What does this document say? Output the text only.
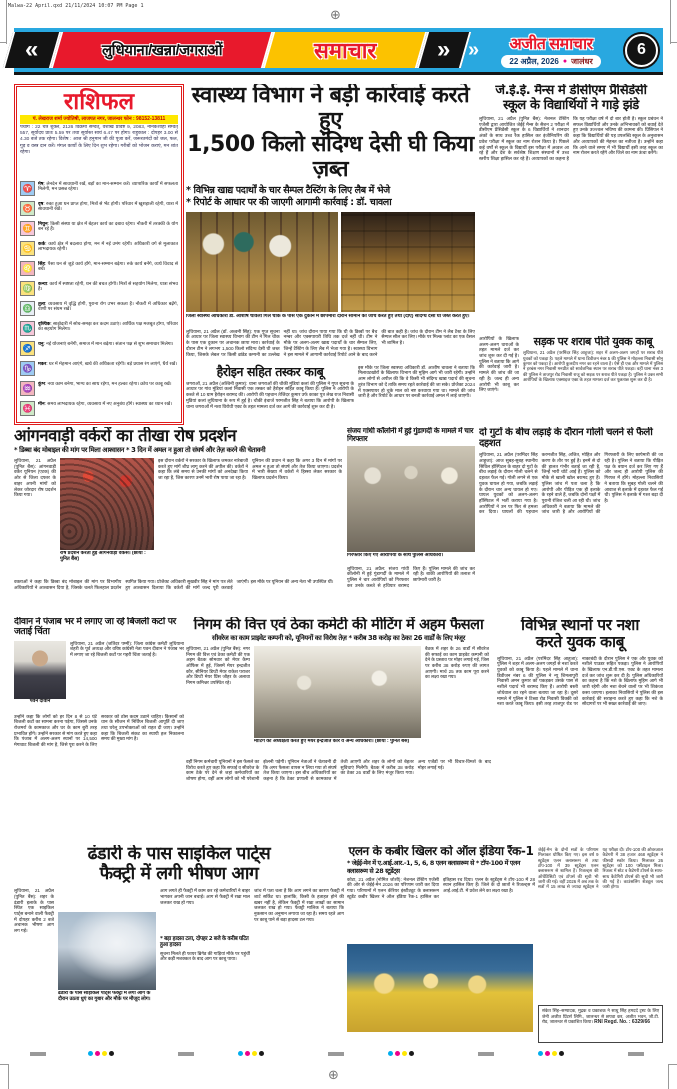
Malwa-22 April.qxd 21/11/2024 10:07 PM Page 1
⊕
«	लुधियाना/खन्ना/जगराओं	समाचार	» » अजीत समाचार
22 अप्रैल, 2026 ● जालंधर
6
राशिफल
पं. लेखराज शर्मा ज्योतिषी, लाजपत नगर, जालन्धर फोन : 98152-13811
पंचांग : 22 चैत्र शुक्ल, 2126 विक्रमी सम्वत्, वैशाख प्रविष्टे 9, 2083, नानकशाही सम्वत् 557, सूर्योदय प्रातः 5.59 पर तथा सूर्यास्त सायं 6.47 पर होगा। राहुकाल : दोपहर 3.00 से 4.30 बजे तक रहेगा। विशेष : आज श्री हनुमान जी की पूजा करें, जरूरतमंदों को जल, फल, गुड़ व वस्त्र दान करें। मंगल कार्यों के लिए दिन शुभ रहेगा। गरीबों को भोजन कराएं, मन शांत रहेगा।
♈
मेष: लेनदेन में सावधानी रखें, बड़ों का मान-सम्मान करें। व्यापारिक कार्यों में सफलता मिलेगी, मन प्रसन्न रहेगा।
♉
वृष: रुका हुआ धन प्राप्त होगा, मित्रों से भेंट होगी। परिवार में खुशहाली रहेगी, यात्रा में सावधानी रखें।
♊
मिथुन: किसी संस्था या क्षेत्र में बेहतर कार्य का दबाव रहेगा। नौकरी में तरक्की के योग बन रहे हैं।
♋
कर्क: कार्य क्षेत्र में बदलाव होगा, मन में नई उमंग रहेगी। अधिकारी वर्ग से मुलाकात लाभदायक रहेगी।
♌
सिंह: पैसा धन से जुड़े कार्य होंगे, मान-सम्मान बढ़ेगा। रुके कार्य बनेंगे, व्यर्थ विवाद से बचें।
♍
कन्या: कार्य में स्पष्टता रहेगी, धन की बचत होगी। मित्रों से सहयोग मिलेगा, यात्रा संभव है।
♎
तुला: व्यवसाय में वृद्धि होगी, पुराना रोग उभर सकता है। नौकरी में अधिकार बढ़ेंगे, वाणी पर संयम रखें।
♏
वृश्चिक: साझेदारी में सोच-समझ कर कदम उठाएं। आर्थिक पक्ष मजबूत होगा, परिवार का सहयोग मिलेगा।
♐
धनु: नई योजनाएं बनेंगी, समाज में मान बढ़ेगा। संतान पक्ष से शुभ समाचार मिलेगा।
♑
मकर: घर में मेहमान आएंगे, खर्च की अधिकता रहेगी। बड़े प्रयास रंग लाएंगे, धैर्य रखें।
♒
कुंभ: नया काम बनेगा, भाग्य का साथ रहेगा, मन हल्का रहेगा। क्रोध पर काबू रखें।
♓
मीन: समय लाभदायक रहेगा, व्यवसाय में नए अनुबंध होंगे। स्वास्थ्य का ध्यान रखें।
स्वास्थ्य विभाग ने बड़ी कार्रवाई करते हुए
1,500 किलो संदिग्ध देसी घी किया ज़ब्त
* विभिन्न खाद्य पदार्थों के चार सैम्पल टैस्टिंग के लिए लैब में भेजे
* रिपोर्ट के आधार पर की जाएगी आगामी कार्रवाई : डॉ. चावला
जिला स्वास्थ्य अधिकारी डॉ. आशीष चावला गिल चौक के पास एक दुकान में छापेमारी दौरान सामान की जांच करते हुए तथा (दाएं) संदिग्ध देसी घी जब्त करते हुए।
लुधियाना, 21 अप्रैल (डॉ. अश्वनी सिंह): एक गुप्त सूचना के आधार पर जिला स्वास्थ्य विभाग की टीम ने गिल चौक के पास एक दुकान पर अचानक छापा मारा। कार्रवाई के दौरान टीम ने लगभग 1,500 किलो संदिग्ध देसी घी जब्त किया, जिसके लेबल पर किसी ब्रांडेड कम्पनी का उल्लेख नहीं था। जांच दौरान पाया गया कि घी के डिब्बों पर बैच नम्बर और एक्सपायरी तिथि तक दर्ज नहीं थी। टीम ने मौके पर अलग-अलग खाद्य पदार्थों के चार सैम्पल लिए, जिन्हें टैस्टिंग के लिए लैब में भेजा गया है। स्वास्थ्य विभाग ने इस मामले में आगामी कार्रवाई रिपोर्ट आने के बाद करने की बात कही है। जांच के दौरान टीम ने लैब टैस्ट के लिए सैम्पल सील कर लिए। मौके पर मिल्क प्लांट का एक वैसल भी शामिल है।
हैरोइन सहित तस्कर काबू
जगराओं, 21 अप्रैल (अश्विनी कुमार): थाना जगराओं की चौकी मुंडियां कलां की पुलिस ने गुप्त सूचना के आधार पर गांव मुंडियां कलां निवासी एक तस्कर को हैरोइन सहित काबू किया है। पुलिस ने आरोपी के कब्जे से 10 ग्राम हैरोइन बरामद की। आरोपी की पहचान तेजिंदर कुमार उर्फ काका पुत्र लेख राज निवासी मुंडियां कलां लुधियाना के रूप में हुई है। चौकी इंचार्ज परमजीत सिंह ने बताया कि आरोपी के खिलाफ थाना जगराओं में नशा विरोधी एक्ट के तहत मामला दर्ज कर आगे की कार्रवाई शुरू कर दी है।
इस मौके पर जिला स्वास्थ्य अधिकारी डॉ. आशीष चावला ने बताया कि मिलावटखोरों के खिलाफ विभाग की मुहिम आगे भी जारी रहेगी। उन्होंने आम लोगों से अपील की कि वे किसी भी संदिग्ध खाद्य पदार्थ की सूचना तुरंत विभाग को दें ताकि समय रहते कार्रवाई की जा सके। प्रोजैक्ट 2024 में एक्सपायर हो चुके माल को नष्ट करवाया गया था। मामले की जांच जारी है और रिपोर्ट के आधार पर बनती कार्रवाई अमल में लाई जाएगी।
जे.ई.ई. मैन्स में डीसीएम प्रैसिडेंसी
स्कूल के विद्यार्थियों ने गाड़े झंडे
लुधियाना, 21 अप्रैल (पुनित बैंस): नेशनल टेस्टिंग एजेंसी द्वारा आयोजित जेईई मैन्स के सैशन 2 परीक्षा में डीसीएम प्रैसिडेंसी स्कूल के 6 विद्यार्थियों ने शानदार अंकों के साथ उच्च रैंक हासिल कर इंजीनियरिंग की प्रवेश परीक्षा में स्कूल का नाम रोशन किया है। पिछले कई वर्षों से स्कूल के विद्यार्थी इस परीक्षा में अव्वल आ रहे हैं और देश के सर्वश्रेष्ठ शिक्षण संस्थानों में उच्च स्तरीय शिक्षा हासिल कर रहे हैं। अध्यापकों का कहना है कि यह परीक्षा वर्ष में दो बार होती है। स्कूल प्रबंधन ने सफल विद्यार्थियों और उनके अभिभावकों को बधाई देते हुए उनके उज्ज्वल भविष्य की कामना की। प्रिंसिपल ने कहा कि विद्यार्थियों की यह उपलब्धि स्कूल के अनुशासन और अध्यापकों की मेहनत का नतीजा है। उन्होंने कहा कि आने वाले समय में भी विद्यार्थी इसी तरह स्कूल का नाम रोशन करते रहेंगे और जिले का नाम ऊंचा करेंगे।
आरोपियों के खिलाफ अलग-अलग धाराओं के तहत मामले दर्ज कर जांच शुरू कर दी गई है। पुलिस ने बताया कि आगे की कार्रवाई जारी है। मामले की जांच की जा रही है। जल्द ही अन्य आरोपी भी काबू कर लिए जाएंगे।
सड़क पर शराब पीते युवक काबू
लुधियाना, 21 अप्रैल (परमिंदर सिंह आहूजा): शहर में अलग-अलग जगहों पर शराब पीते युवकों को पकड़ा है। पहले मामले में थाना डिवीजन नंबर 5 की पुलिस ने मोहल्ला निवासी सोनू कुमार को पकड़ा है। आरोपी कुलदीप नगर का रहने वाला है। ऐसे ही एक और मामले में पुलिस ने हरबंस नगर निवासी मनप्रीत को सार्वजनिक स्थान पर शराब पीते पकड़ा। वहीं थाना नंबर 3 की पुलिस ने ताजपुर रोड निवासी राजू को सड़क पर शराब पीते पकड़ा है। पुलिस ने उक्त सभी आरोपियों के खिलाफ एक्साइज एक्ट के तहत मामला दर्ज कर पूछताछ शुरू कर दी है।
आंगनवाड़ी वर्करों का तीखा रोष प्रदर्शन
* डिब्बा बंद मोबाइल की मांग पर मिला आश्वासन * 3 दिन में अमल न हुआ तो संघर्ष और तेज़ करने की चेतावनी
लुधियाना, 21 अप्रैल (पुनित बैंस): आंगनवाड़ी वर्कर यूनियन (एटक) की ओर से जिला दफ्तर के बाहर अपनी मांगों को लेकर जोरदार रोष प्रदर्शन किया गया।
रोष प्रदर्शन करती हुईं आंगनवाड़ी वर्कर्स। (छाया : पुनित बैंस)
इस दौरान वर्करों ने सरकार के खिलाफ जमकर नारेबाजी करते हुए मांगें शीघ्र लागू करने की अपील की। वर्करों ने कहा कि लंबे समय से उनकी मांगों को अनदेखा किया जा रहा है, जिस कारण उनमें भारी रोष पाया जा रहा है।
यूनियन की प्रधान ने कहा कि अगर 3 दिन में मांगों पर अमल न हुआ तो संघर्ष और तेज किया जाएगा। प्रदर्शन में भारी संख्या में वर्करों ने हिस्सा लेकर सरकार के खिलाफ प्रदर्शन किया।
वक्ताओं ने कहा कि डिब्बा बंद मोबाइल की मांग पर विभागीय अधिकारियों ने आश्वासन दिया है, जिसके चलते फिलहाल प्रदर्शन स्थगित किया गया। प्रोजैक्ट अधिकारी सुखवीर सिंह ने मांग पत्र लेते हुए आश्वासन दिलाया कि वर्करों की मांगें जल्द पूरी करवाई जाएंगी। इस मौके पर यूनियन की अन्य नेता भी उपस्थित थीं।
संजय गांधी कॉलोनी में हुई गुंडागर्दी के मामले में चार गिरफ्तार
गिरफ्तार किए गए आरोपियों के साथ पुलिस अधिकारी।
लुधियाना, 21 अप्रैल: संजय गांधी कॉलोनी में हुई गुंडागर्दी के मामले में पुलिस ने चार आरोपियों को गिरफ्तार कर उनके कब्जे से हथियार बरामद किए हैं। पुलिस मामले की जांच कर रही है। बाकी आरोपियों की तलाश में छापेमारी जारी है।
दो गुटों के बीच लड़ाई के दौरान गोली चलने से फैली दहशत
लुधियाना, 21 अप्रैल (परमिंदर सिंह आहूजा): आज सुबह-सुबह स्थानीय सिविल हॉस्पिटल के बाहर दो गुटों के बीच लड़ाई के दौरान गोली चलने से दहशत फैल गई। गोली लगने से एक युवक घायल हो गया, जबकि लड़ाई के दौरान चार अन्य घायल हो गए। घायल युवकों को अलग-अलग हॉस्पिटल में भर्ती कराया गया है। आरोपियों ने उन पर फिर से हमला कर दिया। घायलों की पहचान करमजीत सिंह, अजित, मोहित और करण के तौर पर हुई है। इनमें से दो की हालत गंभीर बताई जा रही है, जिन्हें भारी चोटें आई हैं। पुलिस को मौके से खाली खोल बरामद हुए हैं। पुलिस जांच में पता चला है कि आरोपी और पीड़ित एक ही इलाके के रहने वाले हैं, जबकि दोनों पक्षों में पुरानी रंजिश चली आ रही थी। जांच अधिकारी ने बताया कि मामले की जांच जारी है और आरोपियों की गिरफ्तारी के लिए छापेमारी की जा रही है। पुलिस ने बताया कि पीड़ित पक्ष के बयान दर्ज कर लिए गए हैं और जल्द ही आरोपी पुलिस की गिरफ्त में होंगे। मोहल्ला निवासियों ने बताया कि सुबह गोली चलने की आवाज से इलाके में दहशत फैल गई थी। पुलिस ने इलाके में गश्त बढ़ा दी है।
दीवान ने पंजाब भर में लगाए जा रहे बिजली कटों पर जताई चिंता
पवन दीवान
लुधियाना, 21 अप्रैल (जतिंदर पम्मी): जिला कांग्रेस कमेटी लुधियाना शहरी के पूर्व अध्यक्ष और वरिष्ठ कांग्रेसी नेता पवन दीवान ने पंजाब भर में लगाए जा रहे बिजली कटों पर गहरी चिंता जताई है।
उन्होंने कहा कि लोगों को हर दिन 8 से 10 घंटे बिजली कटों का सामना करना पड़ेगा, जिससे उनके रोजमर्रा के कामकाज और घर के काम बुरी तरह प्रभावित होंगे। उन्होंने सरकार से मांग करते हुए कहा कि पंजाब में अलग-अलग स्थानों पर 14,500 मेगावाट बिजली की मांग है, जिसे पूरा करने के लिए सरकार को ठोस कदम उठाने चाहिए। किसानों को धान के सीजन में निर्विघ्न बिजली आपूर्ति दी जाए तथा घरेलू उपभोक्ताओं को राहत दी जाए। उन्होंने कहा कि बिजली संकट का स्थायी हल निकालना समय की मुख्य मांग है।
निगम की वित्त एवं ठेका कमेटी की मीटिंग में अहम फैसला
सीवरेज का काम प्राइवेट कम्पनी को, यूनियनों का विरोध तेज़ * करीब 38 करोड़ का ठेका 26 वार्डों के लिए मंजूर
लुधियाना, 21 अप्रैल (पुनित बैंस): नगर निगम की वित्त एवं ठेका कमेटी की एक अहम बैठक सोमवार को मेयर कैम्प ऑफिस में हुई, जिसमें मेयर इन्द्रजीत कौर, सीनियर डिप्टी मेयर राकेश पराशर और डिप्टी मेयर प्रिंस जौहर के अलावा निगम कमिश्नर उपस्थित रहे।
मीटिंग की अध्यक्षता करते हुए मेयर इन्द्रजीत कौर व अन्य अधिकारी। (छाया : पुनित बैंस)
बैठक में शहर के 26 वार्डों में सीवरेज की सफाई का काम प्राइवेट कम्पनी को देने के प्रस्ताव पर मोहर लगाई गई, जिस पर करीब 38 करोड़ रुपए की लागत आएगी। मार्च 25 तक काम पूरा करने का लक्ष्य रखा गया।
वहीं निगम कर्मचारी यूनियनों ने इस फैसले का विरोध करते हुए कहा कि सफाई व सीवरेज के काम ठेके पर देने से जहां कर्मचारियों का शोषण होगा, वहीं आम लोगों को भी परेशानी झेलनी पड़ेगी। यूनियन नेताओं ने चेतावनी दी कि अगर फैसला वापस न लिया गया तो संघर्ष तेज किया जाएगा। इस बीच अधिकारियों का कहना है कि ठेका प्रणाली से कामकाज में तेजी आएगी और शहर के लोगों को बेहतर सुविधाएं मिलेंगी। बैठक में करीब 38 करोड़ का ठेका 26 वार्डों के लिए मंजूर किया गया। अन्य एजेंडों पर भी विचार-विमर्श के बाद मोहर लगाई गई।
विभिन्न स्थानों पर नशा
करते युवक काबू
लुधियाना, 21 अप्रैल (परमिंदर सिंह आहूजा): पुलिस ने शहर में अलग-अलग जगहों से नशा करते युवकों को काबू किया है। पहले मामले में थाना डिवीजन नंबर 6 की पुलिस ने न्यू शिमलापुरी निवासी अमन कुमार को पकड़कर उसके पास से नशीले पदार्थ भी बरामद किए हैं। आरोपी बस्ती जोधेवाल का रहने वाला बताया जा रहा है। दूसरे मामले में पुलिस ने टिब्बा रोड निवासी विक्की को नशा करते काबू किया। इसी तरह ताजपुर रोड पर नाकाबंदी के दौरान पुलिस ने एक और युवक को नशीले पाउडर सहित पकड़ा। पुलिस ने आरोपियों के खिलाफ एन.डी.पी.एस. एक्ट के तहत मामला दर्ज कर जांच शुरू कर दी है। पुलिस अधिकारियों का कहना है कि नशे के खिलाफ मुहिम आगे भी जारी रहेगी और नशा बेचने वालों पर भी शिकंजा कसा जाएगा। इलाका निवासियों ने पुलिस की इस कार्रवाई की सराहना करते हुए कहा कि नशे के सौदागरों पर भी सख्त कार्रवाई की जाए।
ढंडारी के पास साइकिल पार्ट्स
फैक्ट्री में लगी भीषण आग
लुधियाना, 21 अप्रैल (पुनित बैंस): शहर के ढंडारी इलाके के पास स्थित एक साइकिल पार्ट्स बनाने वाली फैक्ट्री में दोपहर करीब 2 बजे अचानक भीषण आग लग गई।
ढंडारी के पास साइकिल पार्ट्स फैक्ट्री में लगी आग के दौरान उठता धुएं का गुबार और मौके पर मौजूद लोग।
आग लगते ही फैक्ट्री में काम कर रहे कर्मचारियों ने बाहर भागकर अपनी जान बचाई। आग से फैक्ट्री में रखा माल जलकर राख हो गया।
* बड़ा हादसा टला, दोपहर 2 बजे के करीब घटित हुआ हादसा
सूचना मिलते ही फायर ब्रिगेड की गाड़ियां मौके पर पहुंचीं और कड़ी मशक्कत के बाद आग पर काबू पाया।
जांच में पता चला है कि आग लगने का कारण फैक्ट्री में शार्ट सर्किट था। हालांकि, किसी के हताहत होने की खबर नहीं है, लेकिन फैक्ट्री में रखा लाखों का सामान जलकर राख हो गया। फैक्ट्री मालिक ने बताया कि नुकसान का अनुमान लगाया जा रहा है। समय रहते आग पर काबू पाने से बड़ा हादसा टल गया।
एलन के कबीर खिलर को ऑल इंडिया रैंक-1
* जेईई-मेन में ए.आई.आर.-1, 5, 6, 8 एलन क्लासरूम से * टॉप-100 में एलन क्लासरूम से 28 स्टूडेंट्स
कोटा, 21 अप्रैल (नोमित जोशी): नेशनल टेस्टिंग एजेंसी की ओर से जेईई-मेन 2026 का परिणाम जारी कर दिया गया। परिणामों में एलन कॅरियर इंस्टीट्यूट के क्लासरूम स्टूडेंट कबीर खिलर ने ऑल इंडिया रैंक-1 हासिल कर इतिहास रच दिया। एलन के स्टूडेंट्स ने टॉप-100 में 28 स्थान हासिल किए हैं। जिले के दो छात्रों ने रिजल्ट्स में आई.आई.टी. में प्रवेश लेने का लक्ष्य रखा है।
जेईई-मेन के दोनों सत्रों के परिणाम मिलाकर घोषित किए गए। इस वर्ष 9 स्टूडेंट्स एलन क्लासरूम से तथा टॉप-100 में 39 स्टूडेंट्स एलन क्लासरूम से शामिल हैं। रिजल्ट्स की ऑथेंटिसिटी एवं टॉपर्स की सूची भी जारी की गई। वहीं 2026 में अब तक के सत्रों में 15 लाख से ज्यादा स्टूडेंट्स ने यह परीक्षा दी। टॉप-100 की ओवरआल कैटेगरी में 38 हजार 468 स्टूडेंट्स ने फीसदी स्कोर किया। मिलाकर 26 स्टूडेंट्स को 100 पर्सेंटाइल मिला। रिजल्ट में स्टेट व कैटेगरी टॉपर्स के साथ-साथ कैटेगिरी टॉपर्स की सूची भी जारी की गई है। काउंसलिंग शेड्यूल जल्द जारी होगा।
संकेत सिंह–सम्पादक, मुद्रक व प्रकाशक ने साधु सिंह हमदर्द ट्रस्ट के लिए जेनी अजीत प्रिंटर्स लिमि., जालन्धर से छपवा कर, अजीत भवन, जी.टी. रोड, जालन्धर से प्रकाशित किया। RNI Regd. No. : 6329/66
⊕
